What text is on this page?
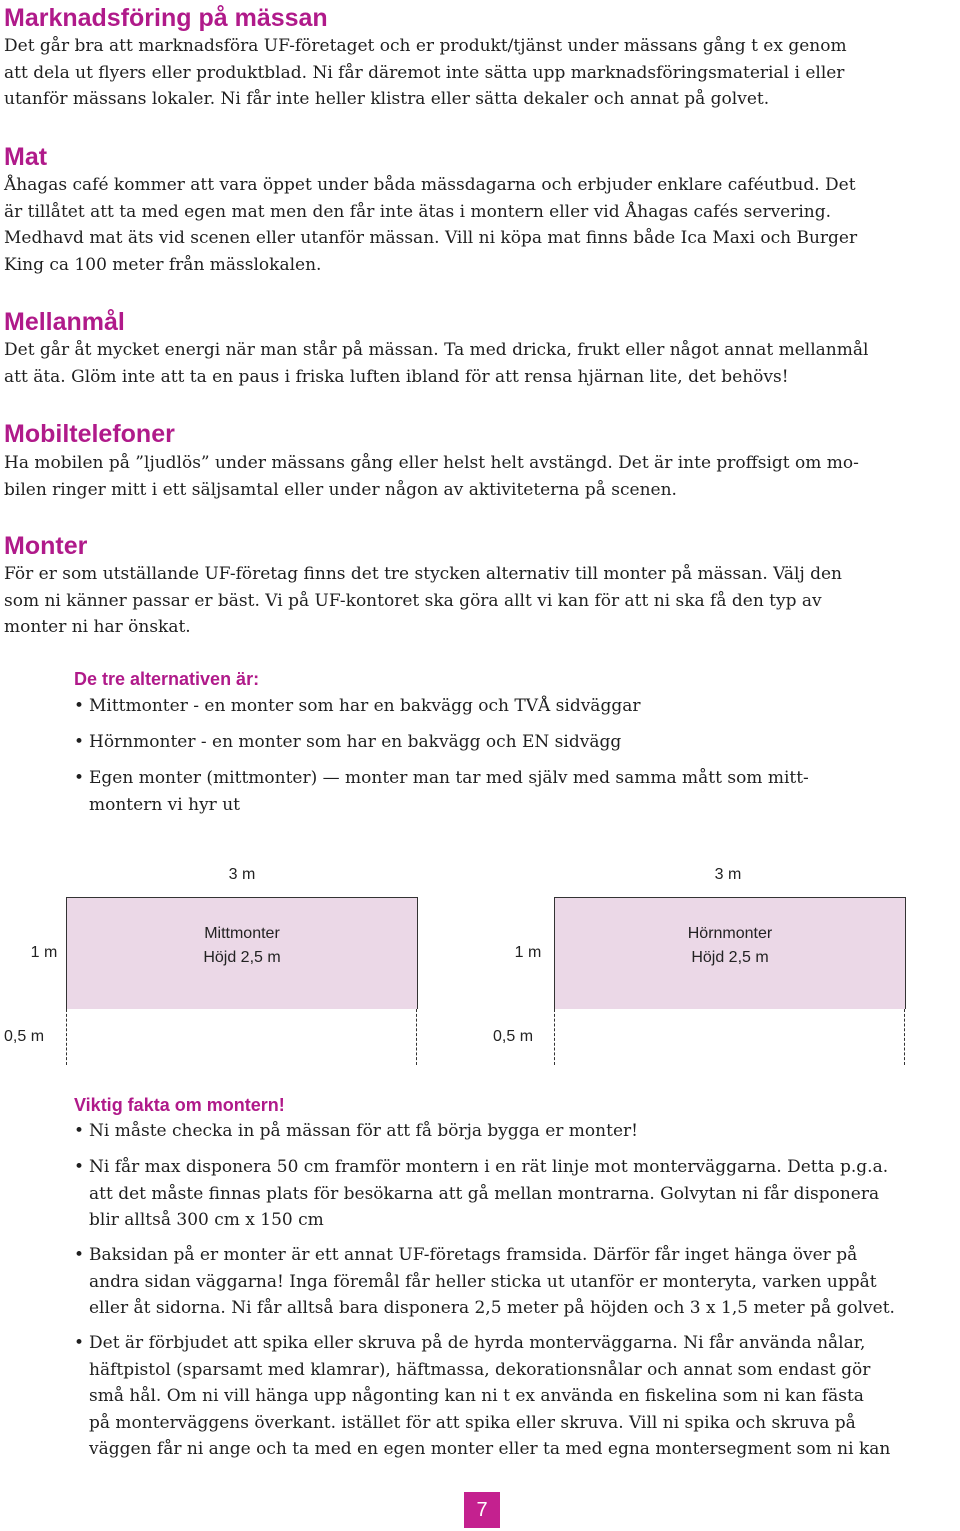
Marknadsföring på mässan
Det går bra att marknadsföra UF-företaget och er produkt/tjänst under mässans gång t ex genom
att dela ut flyers eller produktblad. Ni får däremot inte sätta upp marknadsföringsmaterial i eller
utanför mässans lokaler. Ni får inte heller klistra eller sätta dekaler och annat på golvet.
Mat
Åhagas café kommer att vara öppet under båda mässdagarna och erbjuder enklare caféutbud. Det
är tillåtet att ta med egen mat men den får inte ätas i montern eller vid Åhagas cafés servering.
Medhavd mat äts vid scenen eller utanför mässan. Vill ni köpa mat finns både Ica Maxi och Burger
King ca 100 meter från mässlokalen.
Mellanmål
Det går åt mycket energi när man står på mässan. Ta med dricka, frukt eller något annat mellanmål
att äta. Glöm inte att ta en paus i friska luften ibland för att rensa hjärnan lite, det behövs!
Mobiltelefoner
Ha mobilen på ”ljudlös” under mässans gång eller helst helt avstängd. Det är inte proffsigt om mo-
bilen ringer mitt i ett säljsamtal eller under någon av aktiviteterna på scenen.
Monter
För er som utställande UF-företag finns det tre stycken alternativ till monter på mässan. Välj den
som ni känner passar er bäst. Vi på UF-kontoret ska göra allt vi kan för att ni ska få den typ av
monter ni har önskat.
De tre alternativen är:
• Mittmonter - en monter som har en bakvägg och TVÅ sidväggar
• Hörnmonter - en monter som har en bakvägg och EN sidvägg
• Egen monter (mittmonter) — monter man tar med själv med samma mått som mitt-
montern vi hyr ut
3 m
1 m
Mittmonter
Höjd 2,5 m
0,5 m
3 m
1 m
Hörnmonter
Höjd 2,5 m
0,5 m
Viktig fakta om montern!
• Ni måste checka in på mässan för att få börja bygga er monter!
• Ni får max disponera 50 cm framför montern i en rät linje mot monterväggarna. Detta p.g.a.
att det måste finnas plats för besökarna att gå mellan montrarna. Golvytan ni får disponera
blir alltså 300 cm x 150 cm
• Baksidan på er monter är ett annat UF-företags framsida. Därför får inget hänga över på
andra sidan väggarna! Inga föremål får heller sticka ut utanför er monteryta, varken uppåt
eller åt sidorna. Ni får alltså bara disponera 2,5 meter på höjden och 3 x 1,5 meter på golvet.
• Det är förbjudet att spika eller skruva på de hyrda monterväggarna. Ni får använda nålar,
häftpistol (sparsamt med klamrar), häftmassa, dekorationsnålar och annat som endast gör
små hål. Om ni vill hänga upp någonting kan ni t ex använda en fiskelina som ni kan fästa
på monterväggens överkant. istället för att spika eller skruva. Vill ni spika och skruva på
väggen får ni ange och ta med en egen monter eller ta med egna montersegment som ni kan
7
